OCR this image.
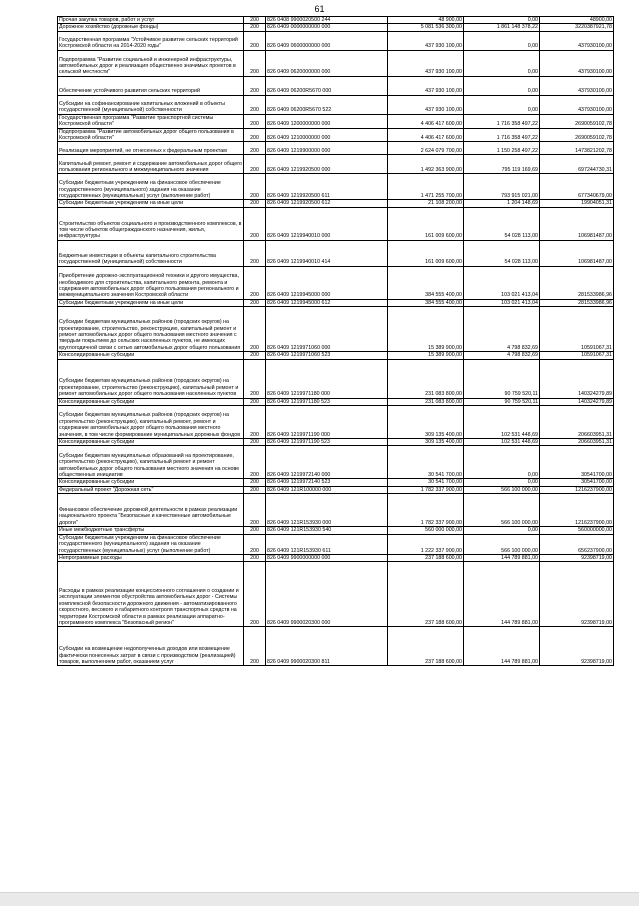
61
Прочая закупка товаров, работ и услуг	200	826 0408 9900020500 244	48 900,00	0,00	48900,00
Дорожное хозяйство (дорожные фонды)	200	826 0409 0000000000 000	5 081 536 300,00	1 861 148 378,22	3220387921,78
Государственная программа "Устойчивое развитие сельских территорий Костромской области на 2014-2020 годы"	200	826 0409 0600000000 000	437 930 100,00	0,00	437930100,00
Подпрограмма "Развитие социальной и инженерной инфраструктуры, автомобильных дорог и реализация общественно значимых проектов в сельской местности"	200	826 0409 0620000000 000	437 930 100,00	0,00	437930100,00
Обеспечение устойчивого развития сельских территорий	200	826 0409 06200R5670 000	437 930 100,00	0,00	437930100,00
Субсидии на софинансирование капитальных вложений в объекты государственной (муниципальной) собственности	200	826 0409 06200R5670 522	437 930 100,00	0,00	437930100,00
Государственная программа "Развитие транспортной системы Костромской области"	200	826 0409 1200000000 000	4 406 417 600,00	1 716 358 497,22	2690059102,78
Подпрограмма "Развитие автомобильных дорог общего пользования в Костромской области"	200	826 0409 1210000000 000	4 406 417 600,00	1 716 358 497,22	2690059102,78
Реализация мероприятий, не отнесенных к федеральным проектам	200	826 0409 1219900000 000	2 624 079 700,00	1 150 258 497,22	1473821202,78
Капитальный ремонт, ремонт и содержание автомобильных дорог общего пользования регионального и межмуниципального значения	200	826 0409 1219920500 000	1 492 363 900,00	795 119 169,69	697244730,31
Субсидии бюджетным учреждениям на финансовое обеспечение государственного (муниципального) задания на оказание государственных (муниципальных) услуг (выполнение работ)	200	826 0409 1219920500 611	1 471 255 700,00	793 915 021,00	677340679,00
Субсидии бюджетным учреждениям на иные цели	200	826 0409 1219920500 612	21 108 200,00	1 204 148,69	19904051,31
Строительство объектов социального и производственного комплексов, в том числе объектов общегражданского назначения, жилья, инфраструктуры	200	826 0409 1219940010 000	161 009 600,00	54 028 113,00	106981487,00
Бюджетные инвестиции в объекты капитального строительства государственной (муниципальной) собственности	200	826 0409 1219940010 414	161 009 600,00	54 028 113,00	106981487,00
Приобретение дорожно-эксплуатационной техники и другого имущества, необходимого для строительства, капитального ремонта, ремонта и содержания автомобильных дорог общего пользования регионального и межмуниципального значения Костромской области	200	826 0409 1219945000 000	384 555 400,00	103 021 413,04	281533986,96
Субсидии бюджетным учреждениям на иные цели	200	826 0409 1219945000 612	384 555 400,00	103 021 413,04	281533986,96
Субсидии бюджетам муниципальных районов (городских округов) на проектирование, строительство, реконструкцию, капитальный ремонт и ремонт автомобильных дорог общего пользования местного значения с твердым покрытием до сельских населенных пунктов, не имеющих круглогодичной связи с сетью автомобильных дорог общего пользования	200	826 0409 1219971060 000	15 389 900,00	4 798 832,69	10591067,31
Консолидированные субсидии	200	826 0409 1219971060 523	15 389 900,00	4 798 832,69	10591067,31
Субсидии бюджетам муниципальных районов (городских округов) на проектирование, строительство (реконструкцию), капитальный ремонт и ремонт автомобильных дорог общего пользования населенных пунктов	200	826 0409 1219971180 000	231 083 800,00	90 759 520,11	140324279,89
Консолидированные субсидии	200	826 0409 1219971180 523	231 083 800,00	90 759 520,11	140324279,89
Субсидии бюджетам муниципальных районов (городских округов) на строительство (реконструкцию), капитальный ремонт, ремонт и содержание автомобильных дорог общего пользования местного значения, в том числе формирование муниципальных дорожных фондов	200	826 0409 1219971190 000	309 135 400,00	102 531 448,69	206603951,31
Консолидированные субсидии	200	826 0409 1219971190 523	309 135 400,00	102 531 448,69	206603951,31
Субсидии бюджетам муниципальных образований на проектирование, строительство (реконструкцию), капитальный ремонт и ремонт автомобильных дорог общего пользования местного значения на основе общественных инициатив	200	826 0409 1219972140 000	30 541 700,00	0,00	30541700,00
Консолидированные субсидии	200	826 0409 1219972140 523	30 541 700,00	0,00	30541700,00
Федеральный проект "Дорожная сеть"	200	826 0409 121R100000 000	1 782 337 900,00	566 100 000,00	1216237900,00
Финансовое обеспечение дорожной деятельности в рамках реализации национального проекта "Безопасные и качественные автомобильные дороги"	200	826 0409 121R153930 000	1 782 337 900,00	566 100 000,00	1216237900,00
Иные межбюджетные трансферты	200	826 0409 121R153930 540	560 000 000,00	0,00	560000000,00
Субсидии бюджетным учреждениям на финансовое обеспечение государственного (муниципального) задания на оказание государственных (муниципальных) услуг (выполнение работ)	200	826 0409 121R153930 611	1 222 337 900,00	566 100 000,00	656237900,00
Непрограммные расходы	200	826 0409 9900000000 000	237 188 600,00	144 789 881,00	92398719,00
Расходы в рамках реализации концессионного соглашения о создании и эксплуатации элементов обустройства автомобильных дорог - Системы комплексной безопасности дорожного движения - автоматизированного скоростного, весового и габаритного контроля транспортных средств на территории Костромской области в рамках реализации аппаратно-программного комплекса "Безопасный регион"	200	826 0409 9900020300 000	237 188 600,00	144 789 881,00	92398719,00
Субсидии на возмещение недополученных доходов или возмещение фактически понесенных затрат в связи с производством (реализацией) товаров, выполнением работ, оказанием услуг	200	826 0409 9900020300 811	237 188 600,00	144 789 881,00	92398719,00
